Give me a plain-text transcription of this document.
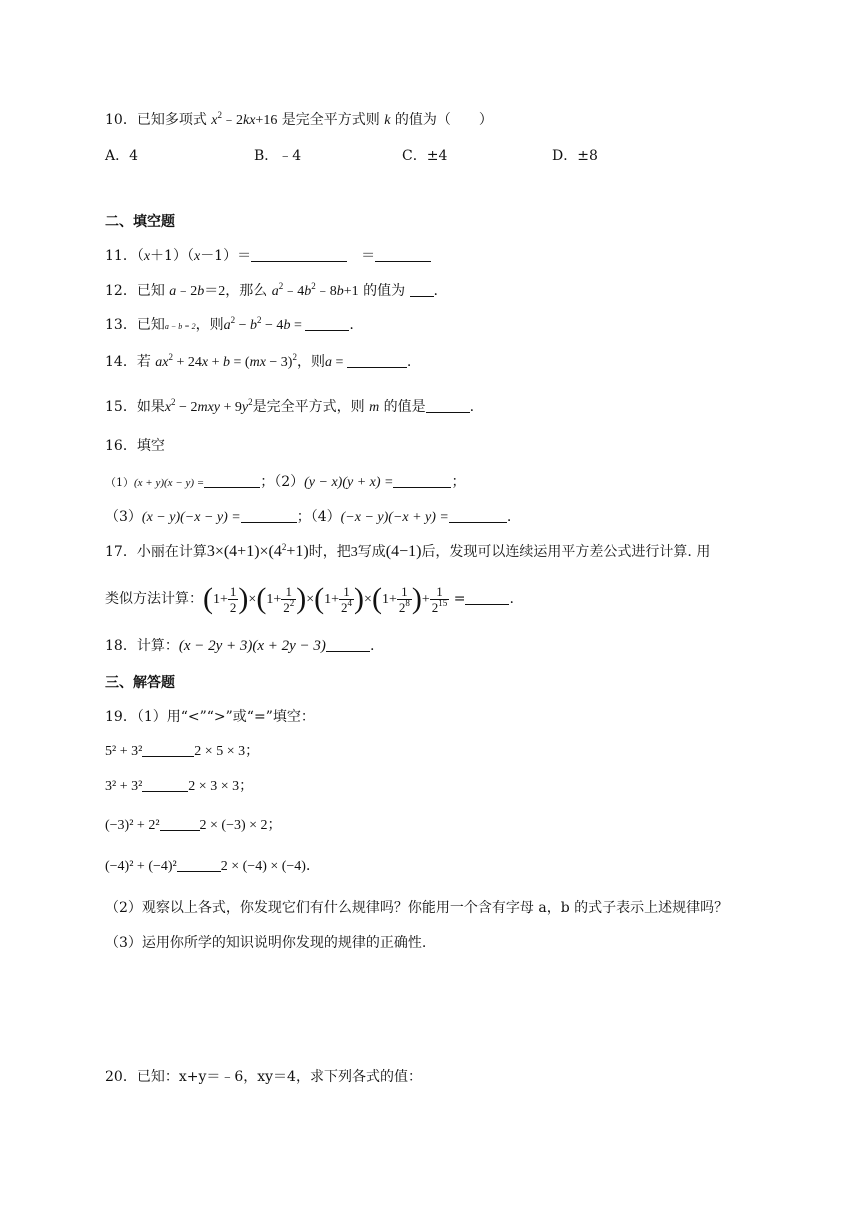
10．已知多项式 $x^2﹣2kx+16$ 是完全平方式则 k 的值为（　　）
A．4	B．﹣4	C．±4	D．±8
二、填空题
11．（x＋1）（x－1）＝　	＝
12．已知 a﹣2b＝2，那么 $a^2﹣4b^2﹣8b+1$ 的值为 .
13．已知a − b = 2，则$a^2 - b^2 - 4b$ =	.
14．若 $ax^2 + 24x + b = (mx - 3)^2$，则a =	.
15．如果$x^2 - 2mxy + 9y^2$是完全平方式，则 m 的值是	.
16．填空
（1）(x + y)(x − y) =	；（2）(y − x)(y + x) =	；
（3）(x − y)(−x − y) =	；（4）(−x − y)(−x + y) =	.
17．小丽在计算$3\times(4+1)\times(4^2+1)$时，把3写成(4−1)后，发现可以连续运用平方差公式进行计算. 用
类似方法计算：$(1+ \frac{1}{2} )\times(1+ \frac{1}{2^2} )\times(1+ \frac{1}{2^4} )\times(1+ \frac{1}{2^8}$ )+ $\frac{1}{2^{15}}$ =	.
18．计算：(x − 2y + 3)(x + 2y − 3)	.
三、解答题
19．（1）用“<”“>”或“=”填空：
5² + 3²	2 × 5 × 3；
3² + 3²	2 × 3 × 3；
(−3)² + 2²	2 × (−3) × 2；
(−4)² + (−4)²	2 × (−4) × (−4)．
（2）观察以上各式，你发现它们有什么规律吗？你能用一个含有字母 a，b 的式子表示上述规律吗？
（3）运用你所学的知识说明你发现的规律的正确性.
20．已知：x+y＝﹣6，xy＝4，求下列各式的值：
